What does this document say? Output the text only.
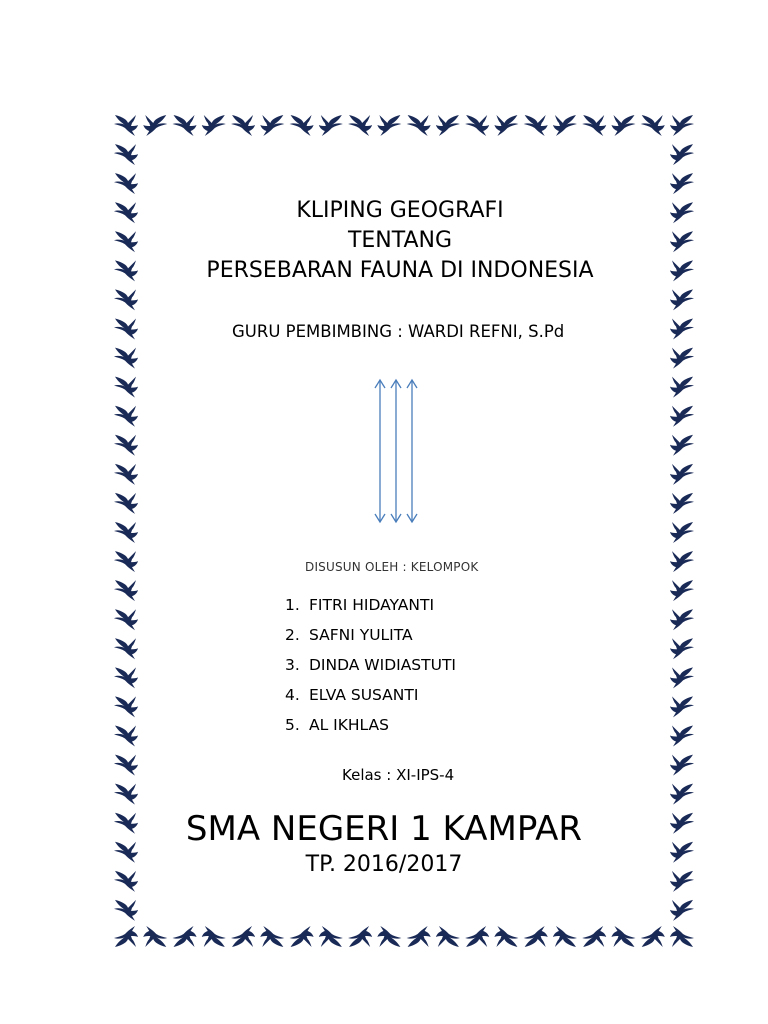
KLIPING GEOGRAFI
TENTANG
PERSEBARAN FAUNA DI INDONESIA
GURU PEMBIMBING : WARDI REFNI, S.Pd
DISUSUN OLEH : KELOMPOK
1. FITRI HIDAYANTI
2. SAFNI YULITA
3. DINDA WIDIASTUTI
4. ELVA SUSANTI
5. AL IKHLAS
Kelas : XI-IPS-4
SMA NEGERI 1 KAMPAR
TP. 2016/2017
